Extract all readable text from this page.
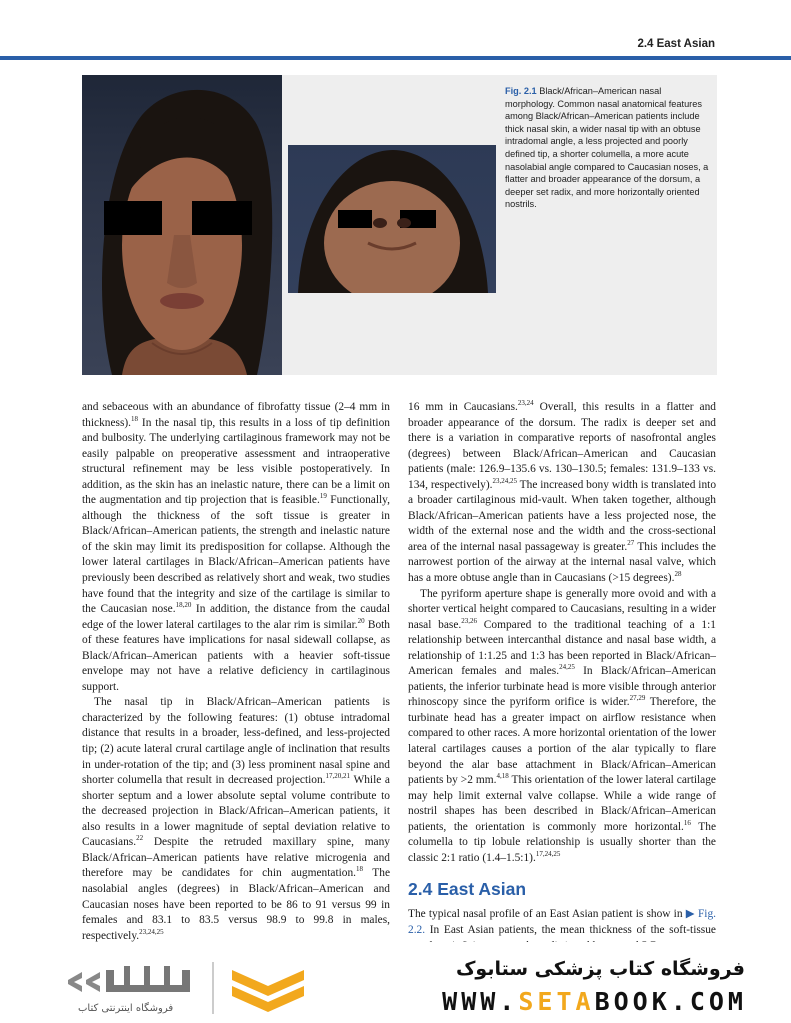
2.4 East Asian
Fig. 2.1 Black/African–American nasal morphology. Common nasal anatomical features among Black/African–American patients include thick nasal skin, a wider nasal tip with an obtuse intradomal angle, a less projected and poorly defined tip, a shorter columella, a more acute nasolabial angle compared to Caucasian noses, a flatter and broader appearance of the dorsum, a deeper set radix, and more horizontally oriented nostrils.

and sebaceous with an abundance of fibrofatty tissue (2–4 mm in thickness).$^{18}$ In the nasal tip, this results in a loss of tip definition and bulbosity. The underlying cartilaginous framework may not be easily palpable on preoperative assessment and intraoperative structural refinement may be less visible postoperatively. In addition, as the skin has an inelastic nature, there can be a limit on the augmentation and tip projection that is feasible.$^{19}$ Functionally, although the thickness of the soft tissue is greater in Black/African–American patients, the strength and inelastic nature of the skin may limit its predisposition for collapse. Although the lower lateral cartilages in Black/African–American patients have previously been described as relatively short and weak, two studies have found that the integrity and size of the cartilage is similar to the Caucasian nose.$^{18,20}$ In addition, the distance from the caudal edge of the lower lateral cartilages to the alar rim is similar.$^{20}$ Both of these features have implications for nasal sidewall collapse, as Black/African–American patients with a heavier soft-tissue envelope may not have a relative deficiency in cartilaginous support.

The nasal tip in Black/African–American patients is characterized by the following features: (1) obtuse intradomal distance that results in a broader, less-defined, and less-projected tip; (2) acute lateral crural cartilage angle of inclination that results in under-rotation of the tip; and (3) less prominent nasal spine and shorter columella that result in decreased projection.$^{17,20,21}$ While a shorter septum and a lower absolute septal volume contribute to the decreased projection in Black/African–American patients, it also results in a lower magnitude of septal deviation relative to Caucasians.$^{22}$ Despite the retruded maxillary spine, many Black/African–American patients have relative microgenia and therefore may be candidates for chin augmentation.$^{18}$ The nasolabial angles (degrees) in Black/African–American and Caucasian noses have been reported to be 86 to 91 versus 99 in females and 83.1 to 83.5 versus 98.9 to 99.8 in males, respectively.$^{23,24,25}$

16 mm in Caucasians.$^{23,24}$ Overall, this results in a flatter and broader appearance of the dorsum. The radix is deeper set and there is a variation in comparative reports of nasofrontal angles (degrees) between Black/African–American and Caucasian patients (male: 126.9–135.6 vs. 130–130.5; females: 131.9–133 vs. 134, respectively).$^{23,24,25}$ The increased bony width is translated into a broader cartilaginous mid-vault. When taken together, although Black/African–American patients have a less projected nose, the width of the external nose and the width and the cross-sectional area of the internal nasal passageway is greater.$^{27}$ This includes the narrowest portion of the airway at the internal nasal valve, which has a more obtuse angle than in Caucasians (>15 degrees).$^{28}$

The pyriform aperture shape is generally more ovoid and with a shorter vertical height compared to Caucasians, resulting in a wider nasal base.$^{23,26}$ Compared to the traditional teaching of a 1:1 relationship between intercanthal distance and nasal base width, a relationship of 1:1.25 and 1:3 has been reported in Black/African–American females and males.$^{24,25}$ In Black/African–American patients, the inferior turbinate head is more visible through anterior rhinoscopy since the pyriform orifice is wider.$^{27,29}$ Therefore, the turbinate head has a greater impact on airflow resistance when compared to other races. A more horizontal orientation of the lower lateral cartilages causes a portion of the alar typically to flare beyond the alar base attachment in Black/African–American patients by >2 mm.$^{4,18}$ This orientation of the lower lateral cartilage may help limit external valve collapse. While a wide range of nostril shapes has been described in Black/African–American patients, the orientation is commonly more horizontal.$^{16}$ The columella to tip lobule relationship is usually shorter than the classic 2:1 ratio (1.4–1.5:1).$^{17,24,25}$

2.4 East Asian

The typical nasal profile of an East Asian patient is show in ▶ Fig. 2.2. In East Asian patients, the mean thickness of the soft-tissue

فروشگاه اینترنتی کتاب
فروشگاه کتاب پزشکی ستابوک
WWW.SETABOOK.COM
